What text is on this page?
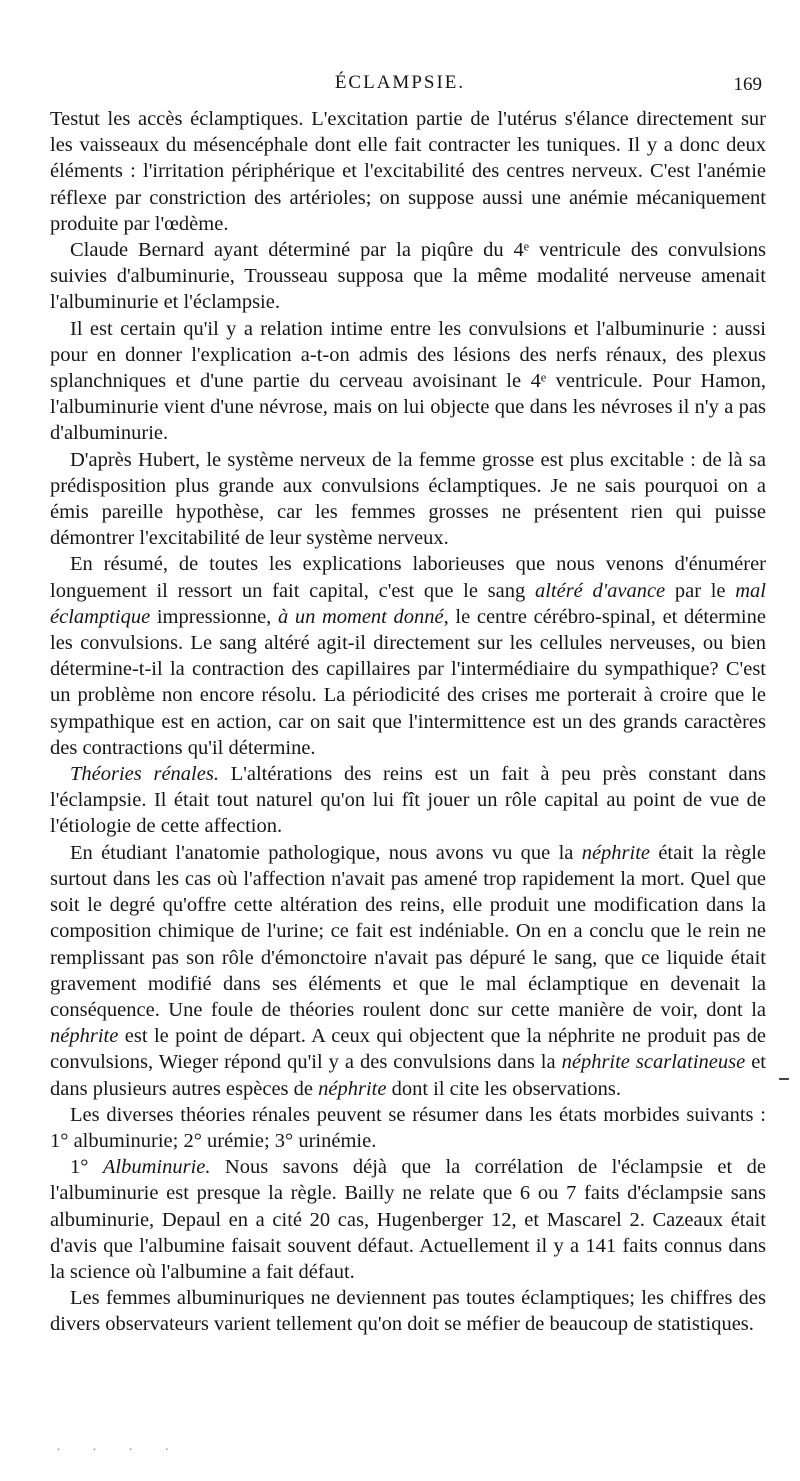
ÉCLAMPSIE.	169

Testut les accès éclamptiques. L'excitation partie de l'utérus s'élance directement sur les vaisseaux du mésencéphale dont elle fait contracter les tuniques. Il y a donc deux éléments : l'irritation périphérique et l'excitabilité des centres nerveux. C'est l'anémie réflexe par constriction des artérioles; on suppose aussi une anémie mécaniquement produite par l'œdème.

Claude Bernard ayant déterminé par la piqûre du 4ᵉ ventricule des convulsions suivies d'albuminurie, Trousseau supposa que la même modalité nerveuse amenait l'albuminurie et l'éclampsie.

Il est certain qu'il y a relation intime entre les convulsions et l'albuminurie : aussi pour en donner l'explication a-t-on admis des lésions des nerfs rénaux, des plexus splanchniques et d'une partie du cerveau avoisinant le 4ᵉ ventricule. Pour Hamon, l'albuminurie vient d'une névrose, mais on lui objecte que dans les névroses il n'y a pas d'albuminurie.

D'après Hubert, le système nerveux de la femme grosse est plus excitable : de là sa prédisposition plus grande aux convulsions éclamptiques. Je ne sais pourquoi on a émis pareille hypothèse, car les femmes grosses ne présentent rien qui puisse démontrer l'excitabilité de leur système nerveux.

En résumé, de toutes les explications laborieuses que nous venons d'énumérer longuement il ressort un fait capital, c'est que le sang altéré d'avance par le mal éclamptique impressionne, à un moment donné, le centre cérébro-spinal, et détermine les convulsions. Le sang altéré agit-il directement sur les cellules nerveuses, ou bien détermine-t-il la contraction des capillaires par l'intermédiaire du sympathique? C'est un problème non encore résolu. La périodicité des crises me porterait à croire que le sympathique est en action, car on sait que l'intermittence est un des grands caractères des contractions qu'il détermine.

Théories rénales. L'altérations des reins est un fait à peu près constant dans l'éclampsie. Il était tout naturel qu'on lui fît jouer un rôle capital au point de vue de l'étiologie de cette affection.

En étudiant l'anatomie pathologique, nous avons vu que la néphrite était la règle surtout dans les cas où l'affection n'avait pas amené trop rapidement la mort. Quel que soit le degré qu'offre cette altération des reins, elle produit une modification dans la composition chimique de l'urine; ce fait est indéniable. On en a conclu que le rein ne remplissant pas son rôle d'émonctoire n'avait pas dépuré le sang, que ce liquide était gravement modifié dans ses éléments et que le mal éclamptique en devenait la conséquence. Une foule de théories roulent donc sur cette manière de voir, dont la néphrite est le point de départ. A ceux qui objectent que la néphrite ne produit pas de convulsions, Wieger répond qu'il y a des convulsions dans la néphrite scarlatineuse et dans plusieurs autres espèces de néphrite dont il cite les observations.

Les diverses théories rénales peuvent se résumer dans les états morbides suivants : 1° albuminurie; 2° urémie; 3° urinémie.

1° Albuminurie. Nous savons déjà que la corrélation de l'éclampsie et de l'albuminurie est presque la règle. Bailly ne relate que 6 ou 7 faits d'éclampsie sans albuminurie, Depaul en a cité 20 cas, Hugenberger 12, et Mascarel 2. Cazeaux était d'avis que l'albumine faisait souvent défaut. Actuellement il y a 141 faits connus dans la science où l'albumine a fait défaut.

Les femmes albuminuriques ne deviennent pas toutes éclamptiques; les chiffres des divers observateurs varient tellement qu'on doit se méfier de beaucoup de statistiques.

· · · ·
